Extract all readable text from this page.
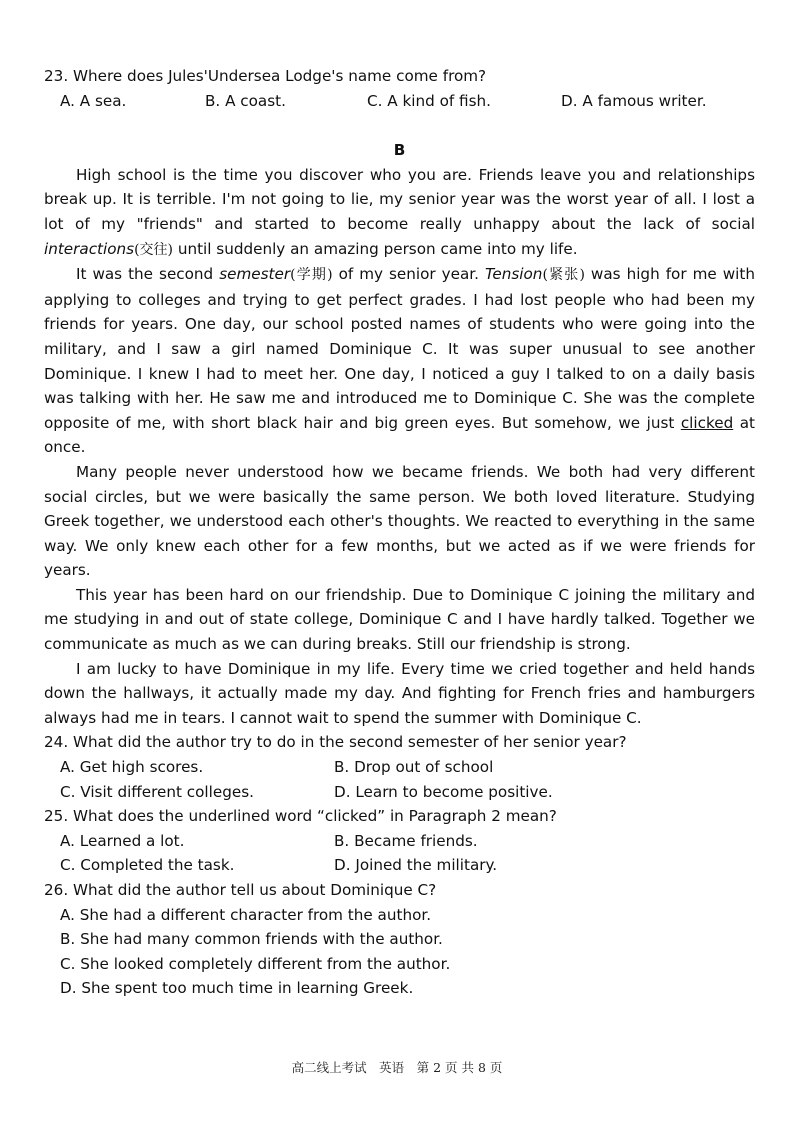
23. Where does Jules'Undersea Lodge's name come from?
A. A sea.	B. A coast.	C. A kind of fish.	D. A famous writer.
B
High school is the time you discover who you are. Friends leave you and relationships break up. It is terrible. I'm not going to lie, my senior year was the worst year of all. I lost a lot of my "friends" and started to become really unhappy about the lack of social interactions(交往) until suddenly an amazing person came into my life.
It was the second semester(学期) of my senior year. Tension(紧张) was high for me with applying to colleges and trying to get perfect grades. I had lost people who had been my friends for years. One day, our school posted names of students who were going into the military, and I saw a girl named Dominique C. It was super unusual to see another Dominique. I knew I had to meet her. One day, I noticed a guy I talked to on a daily basis was talking with her. He saw me and introduced me to Dominique C. She was the complete opposite of me, with short black hair and big green eyes. But somehow, we just clicked at once.
Many people never understood how we became friends. We both had very different social circles, but we were basically the same person. We both loved literature. Studying Greek together, we understood each other's thoughts. We reacted to everything in the same way. We only knew each other for a few months, but we acted as if we were friends for years.
This year has been hard on our friendship. Due to Dominique C joining the military and me studying in and out of state college, Dominique C and I have hardly talked. Together we communicate as much as we can during breaks. Still our friendship is strong.
I am lucky to have Dominique in my life. Every time we cried together and held hands down the hallways, it actually made my day. And fighting for French fries and hamburgers always had me in tears. I cannot wait to spend the summer with Dominique C.
24. What did the author try to do in the second semester of her senior year?
A. Get high scores.	B. Drop out of school
C. Visit different colleges.	D. Learn to become positive.
25. What does the underlined word “clicked” in Paragraph 2 mean?
A. Learned a lot.	B. Became friends.
C. Completed the task.	D. Joined the military.
26. What did the author tell us about Dominique C?
A. She had a different character from the author.
B. She had many common friends with the author.
C. She looked completely different from the author.
D. She spent too much time in learning Greek.
高二线上考试　英语　第 2 页 共 8 页
